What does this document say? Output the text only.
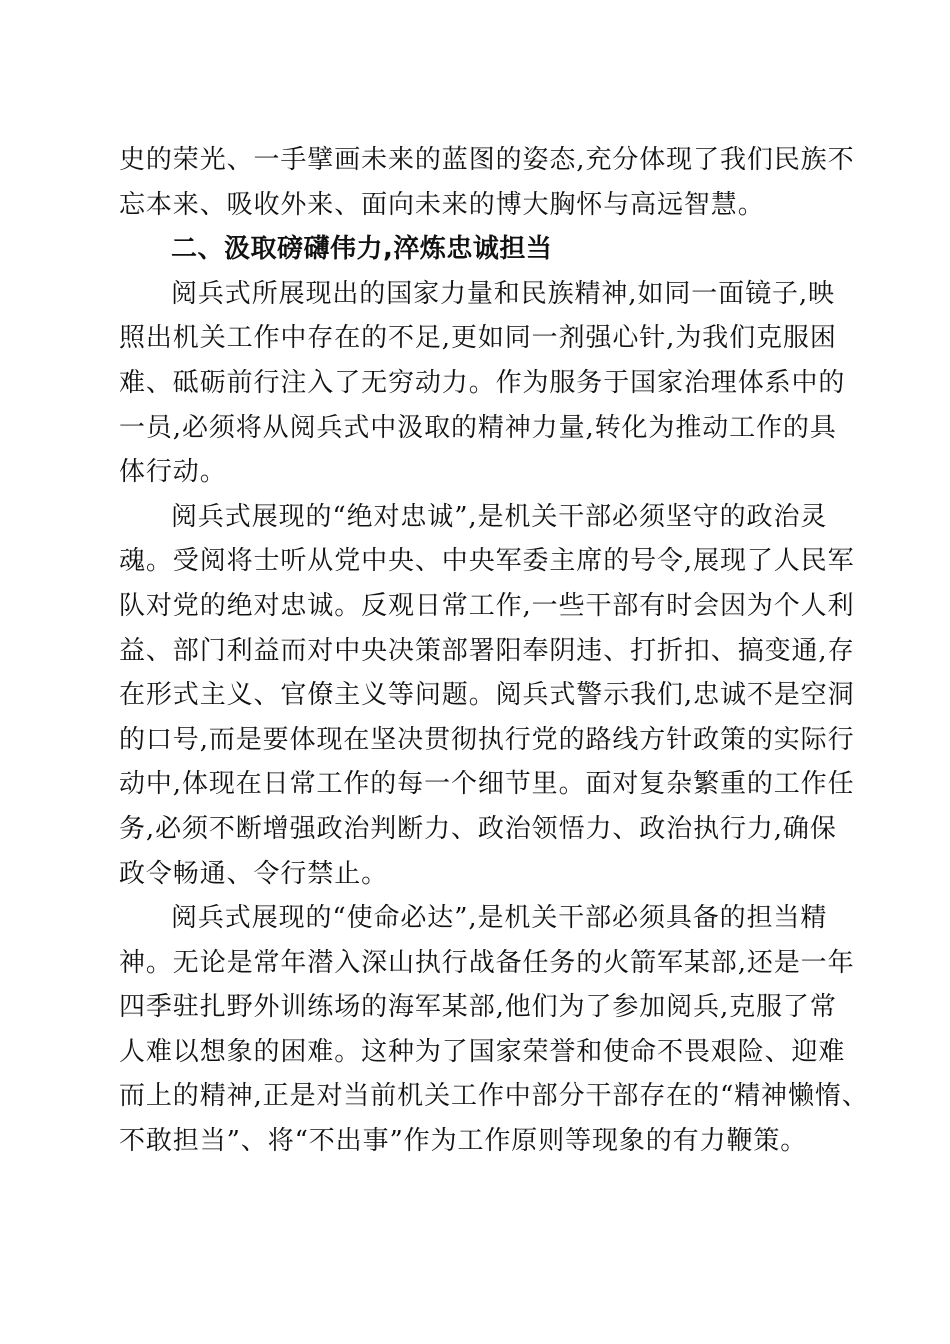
史的荣光、一手擘画未来的蓝图的姿态,充分体现了我们民族不
忘本来、吸收外来、面向未来的博大胸怀与高远智慧。
二、汲取磅礴伟力,淬炼忠诚担当
阅兵式所展现出的国家力量和民族精神,如同一面镜子,映
照出机关工作中存在的不足,更如同一剂强心针,为我们克服困
难、砥砺前行注入了无穷动力。作为服务于国家治理体系中的
一员,必须将从阅兵式中汲取的精神力量,转化为推动工作的具
体行动。
阅兵式展现的“绝对忠诚”,是机关干部必须坚守的政治灵
魂。受阅将士听从党中央、中央军委主席的号令,展现了人民军
队对党的绝对忠诚。反观日常工作,一些干部有时会因为个人利
益、部门利益而对中央决策部署阳奉阴违、打折扣、搞变通,存
在形式主义、官僚主义等问题。阅兵式警示我们,忠诚不是空洞
的口号,而是要体现在坚决贯彻执行党的路线方针政策的实际行
动中,体现在日常工作的每一个细节里。面对复杂繁重的工作任
务,必须不断增强政治判断力、政治领悟力、政治执行力,确保
政令畅通、令行禁止。
阅兵式展现的“使命必达”,是机关干部必须具备的担当精
神。无论是常年潜入深山执行战备任务的火箭军某部,还是一年
四季驻扎野外训练场的海军某部,他们为了参加阅兵,克服了常
人难以想象的困难。这种为了国家荣誉和使命不畏艰险、迎难
而上的精神,正是对当前机关工作中部分干部存在的“精神懒惰、
不敢担当”、将“不出事”作为工作原则等现象的有力鞭策。
